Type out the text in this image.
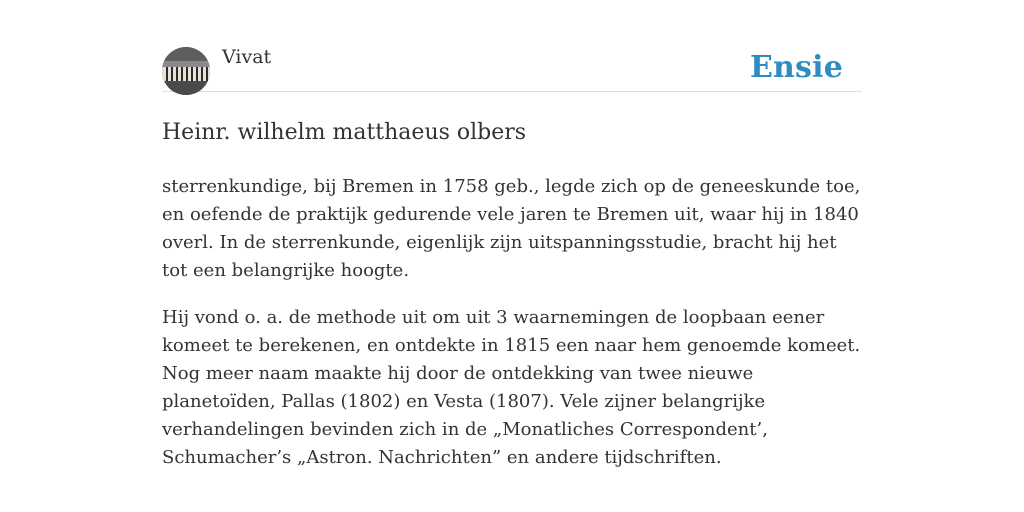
Vivat	Ensie
Heinr. wilhelm matthaeus olbers

sterrenkundige, bij Bremen in 1758 geb., legde zich op de geneeskunde toe, en oefende de praktijk gedurende vele jaren te Bremen uit, waar hij in 1840 overl. In de sterrenkunde, eigenlijk zijn uitspanningsstudie, bracht hij het tot een belangrijke hoogte.

Hij vond o. a. de methode uit om uit 3 waarnemingen de loopbaan eener komeet te berekenen, en ontdekte in 1815 een naar hem genoemde komeet. Nog meer naam maakte hij door de ontdekking van twee nieuwe planetoïden, Pallas (1802) en Vesta (1807). Vele zijner belangrijke verhandelingen bevinden zich in de „Monatliches Correspondent’, Schumacher’s „Astron. Nachrichten” en andere tijdschriften.
